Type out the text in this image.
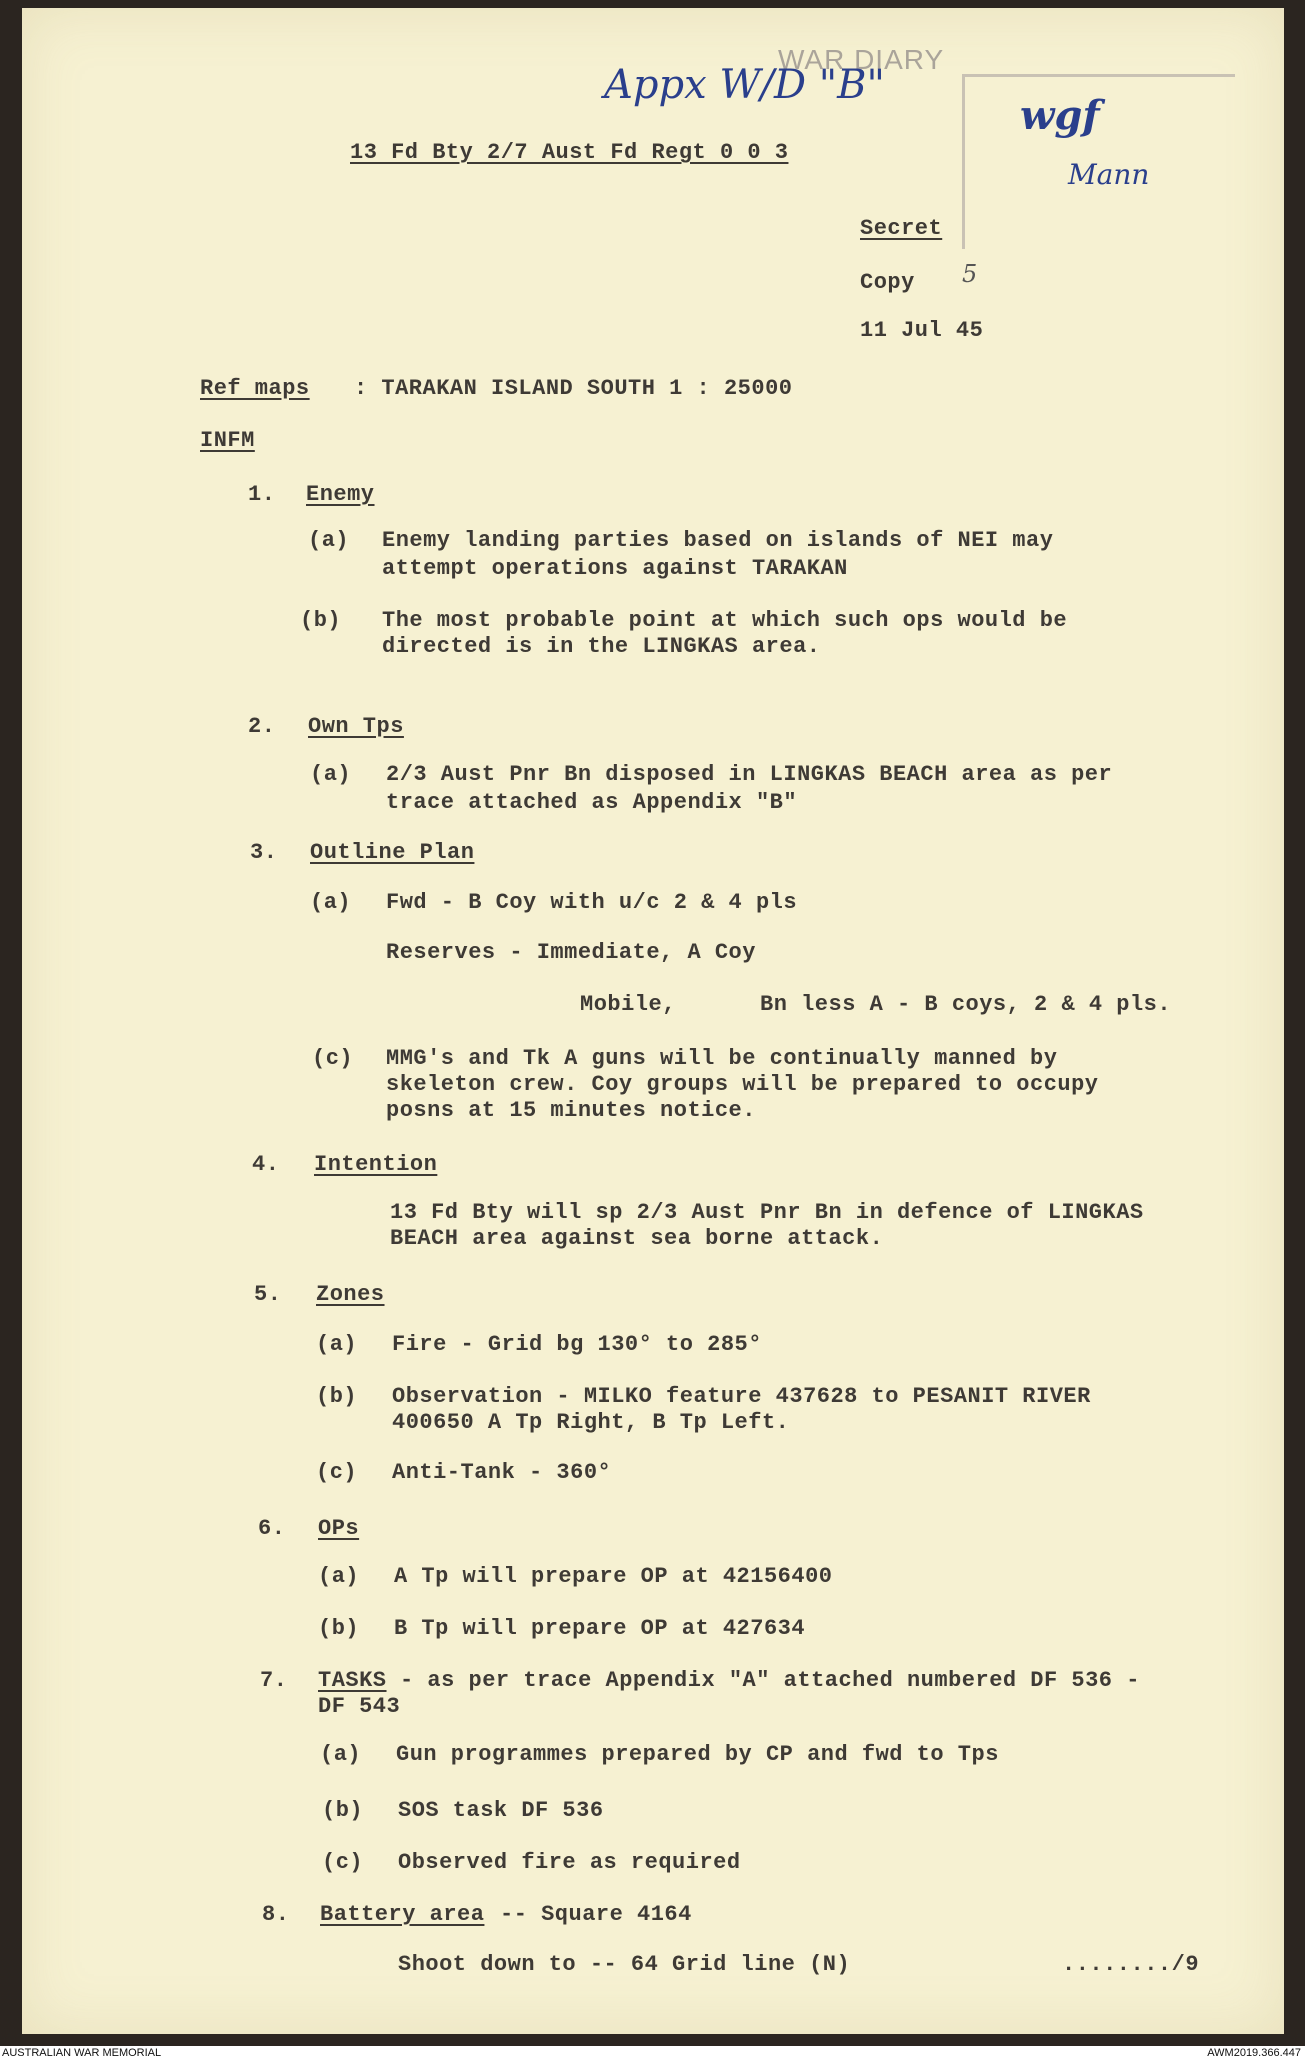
WAR DIARY
Appx W/D "B"
wgf
Mann
5
13 Fd Bty 2/7 Aust Fd Regt 0 0 3
Secret
Copy
11 Jul 45
Ref maps : TARAKAN ISLAND SOUTH 1 : 25000
INFM
1. Enemy
(a) Enemy landing parties based on islands of NEI may
attempt operations against TARAKAN
(b) The most probable point at which such ops would be
directed is in the LINGKAS area.
2. Own Tps
(a) 2/3 Aust Pnr Bn disposed in LINGKAS BEACH area as per
trace attached as Appendix "B"
3. Outline Plan
(a) Fwd - B Coy with u/c 2 & 4 pls
Reserves - Immediate, A Coy
Mobile,	Bn less A - B coys, 2 & 4 pls.
(c) MMG's and Tk A guns will be continually manned by
skeleton crew. Coy groups will be prepared to occupy
posns at 15 minutes notice.
4. Intention
13 Fd Bty will sp 2/3 Aust Pnr Bn in defence of LINGKAS
BEACH area against sea borne attack.
5. Zones
(a) Fire - Grid bg 130° to 285°
(b) Observation - MILKO feature 437628 to PESANIT RIVER
400650 A Tp Right, B Tp Left.
(c) Anti-Tank - 360°
6. OPs
(a) A Tp will prepare OP at 42156400
(b) B Tp will prepare OP at 427634
7. TASKS - as per trace Appendix "A" attached numbered DF 536 -
DF 543
(a) Gun programmes prepared by CP and fwd to Tps
(b) SOS task DF 536
(c) Observed fire as required
8. Battery area -- Square 4164
Shoot down to -- 64 Grid line (N)	......../9
AUSTRALIAN WAR MEMORIAL	AWM2019.366.447
